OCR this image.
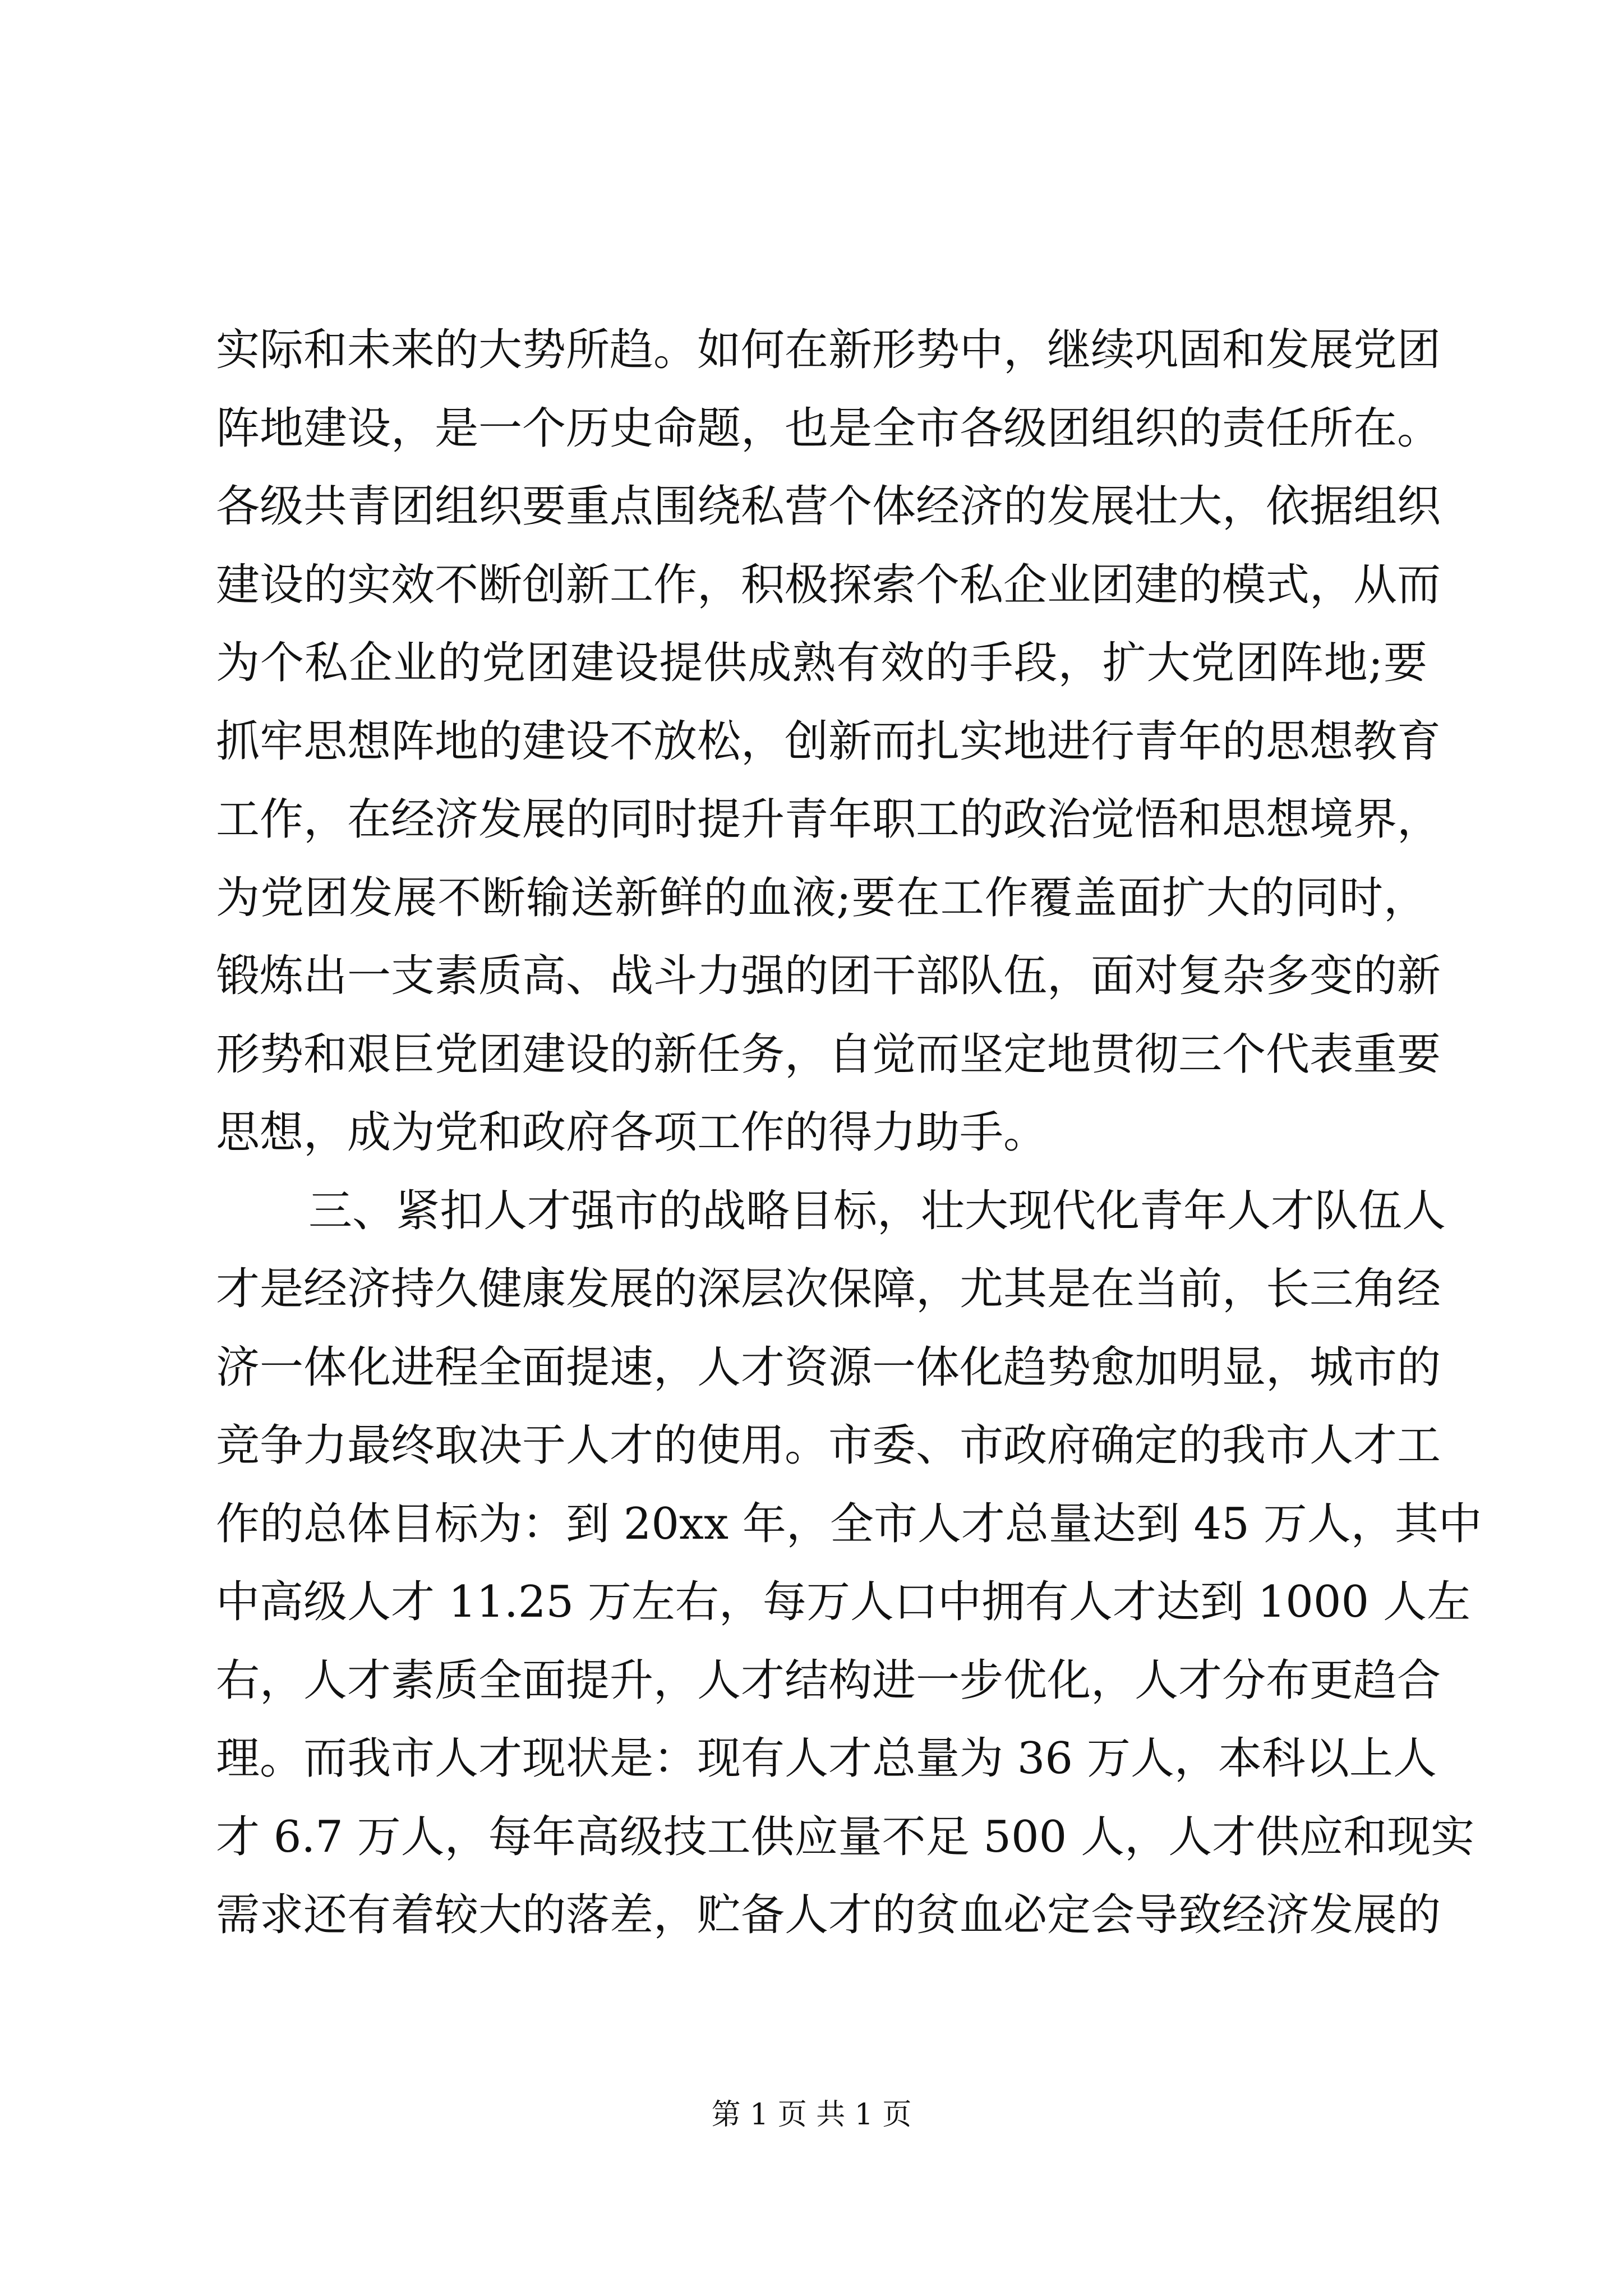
实际和未来的大势所趋。如何在新形势中，继续巩固和发展党团
阵地建设，是一个历史命题，也是全市各级团组织的责任所在。
各级共青团组织要重点围绕私营个体经济的发展壮大，依据组织
建设的实效不断创新工作，积极探索个私企业团建的模式，从而
为个私企业的党团建设提供成熟有效的手段，扩大党团阵地;要
抓牢思想阵地的建设不放松，创新而扎实地进行青年的思想教育
工作，在经济发展的同时提升青年职工的政治觉悟和思想境界，
为党团发展不断输送新鲜的血液;要在工作覆盖面扩大的同时，
锻炼出一支素质高、战斗力强的团干部队伍，面对复杂多变的新
形势和艰巨党团建设的新任务，自觉而坚定地贯彻三个代表重要
思想，成为党和政府各项工作的得力助手。
三、紧扣人才强市的战略目标，壮大现代化青年人才队伍人
才是经济持久健康发展的深层次保障，尤其是在当前，长三角经
济一体化进程全面提速，人才资源一体化趋势愈加明显，城市的
竞争力最终取决于人才的使用。市委、市政府确定的我市人才工
作的总体目标为：到 20xx 年，全市人才总量达到 45 万人，其中
中高级人才 11.25 万左右，每万人口中拥有人才达到 1000 人左
右，人才素质全面提升，人才结构进一步优化，人才分布更趋合
理。而我市人才现状是：现有人才总量为 36 万人，本科以上人
才 6.7 万人，每年高级技工供应量不足 500 人，人才供应和现实
需求还有着较大的落差，贮备人才的贫血必定会导致经济发展的
第 1 页 共 1 页
